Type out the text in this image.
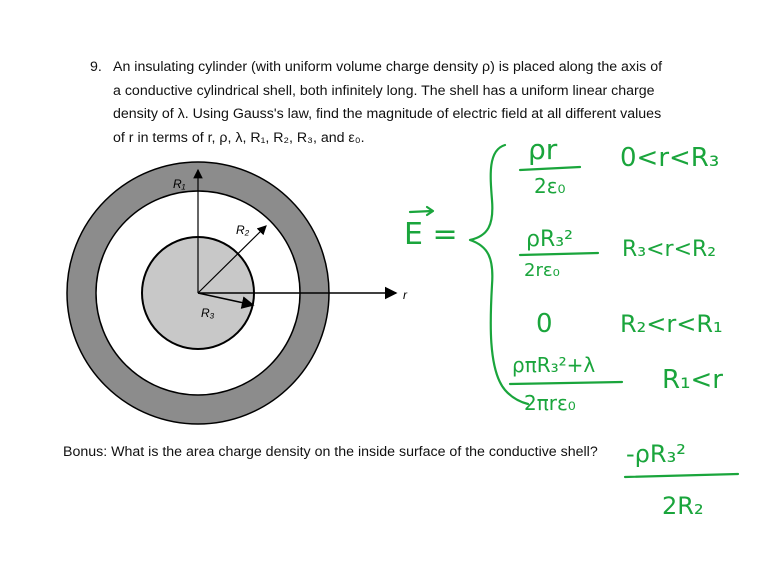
9. An insulating cylinder (with uniform volume charge density ρ) is placed along the axis of
a conductive cylindrical shell, both infinitely long. The shell has a uniform linear charge
density of λ. Using Gauss's law, find the magnitude of electric field at all different values
of r in terms of r, ρ, λ, R₁, R₂, R₃, and ε₀.
R₁
R₂
R₃
r
E =
ρr
2ε₀
0<r<R₃
ρR₃²
2rε₀
R₃<r<R₂
0	R₂<r<R₁
ρπR₃²+λ
2πrε₀
R₁<r
-ρR₃²
2R₂
Bonus: What is the area charge density on the inside surface of the conductive shell?
